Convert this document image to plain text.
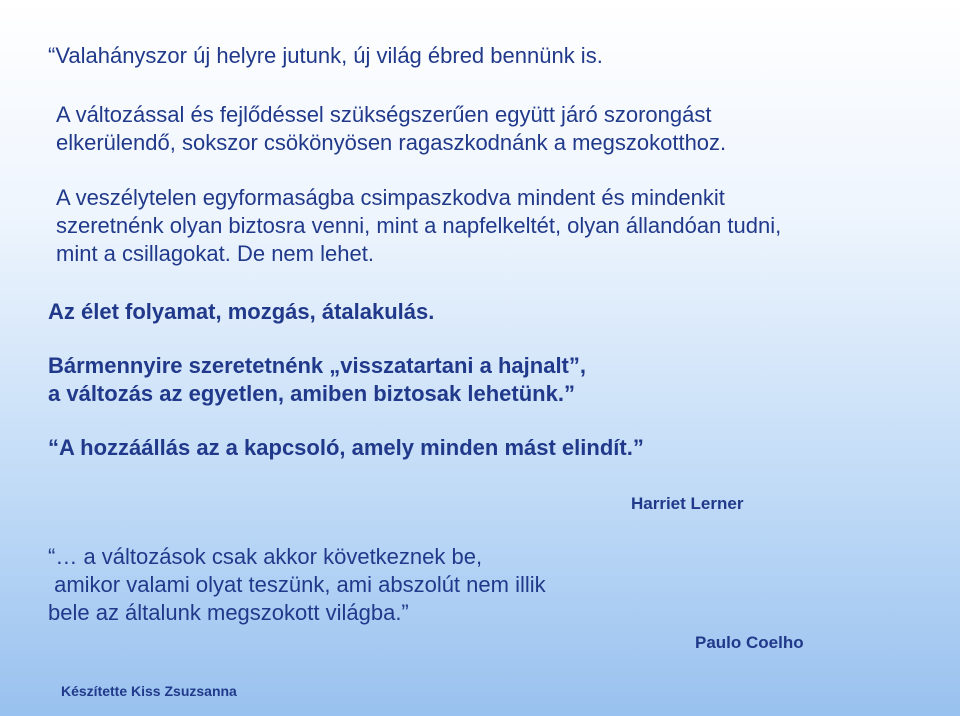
“Valahányszor új helyre jutunk, új világ ébred bennünk is.
A változással és fejlődéssel szükségszerűen együtt járó szorongást
elkerülendő, sokszor csökönyösen ragaszkodnánk a megszokotthoz.
A veszélytelen egyformaságba csimpaszkodva mindent és mindenkit
szeretnénk olyan biztosra venni, mint a napfelkeltét, olyan állandóan tudni,
mint a csillagokat. De nem lehet.
Az élet folyamat, mozgás, átalakulás.
Bármennyire szeretetnénk „visszatartani a hajnalt”,
a változás az egyetlen, amiben biztosak lehetünk.”
“A hozzáállás az a kapcsoló, amely minden mást elindít.”
Harriet Lerner
“… a változások csak akkor következnek be,
amikor valami olyat teszünk, ami abszolút nem illik
bele az általunk megszokott világba.”
Paulo Coelho
Készítette Kiss Zsuzsanna
